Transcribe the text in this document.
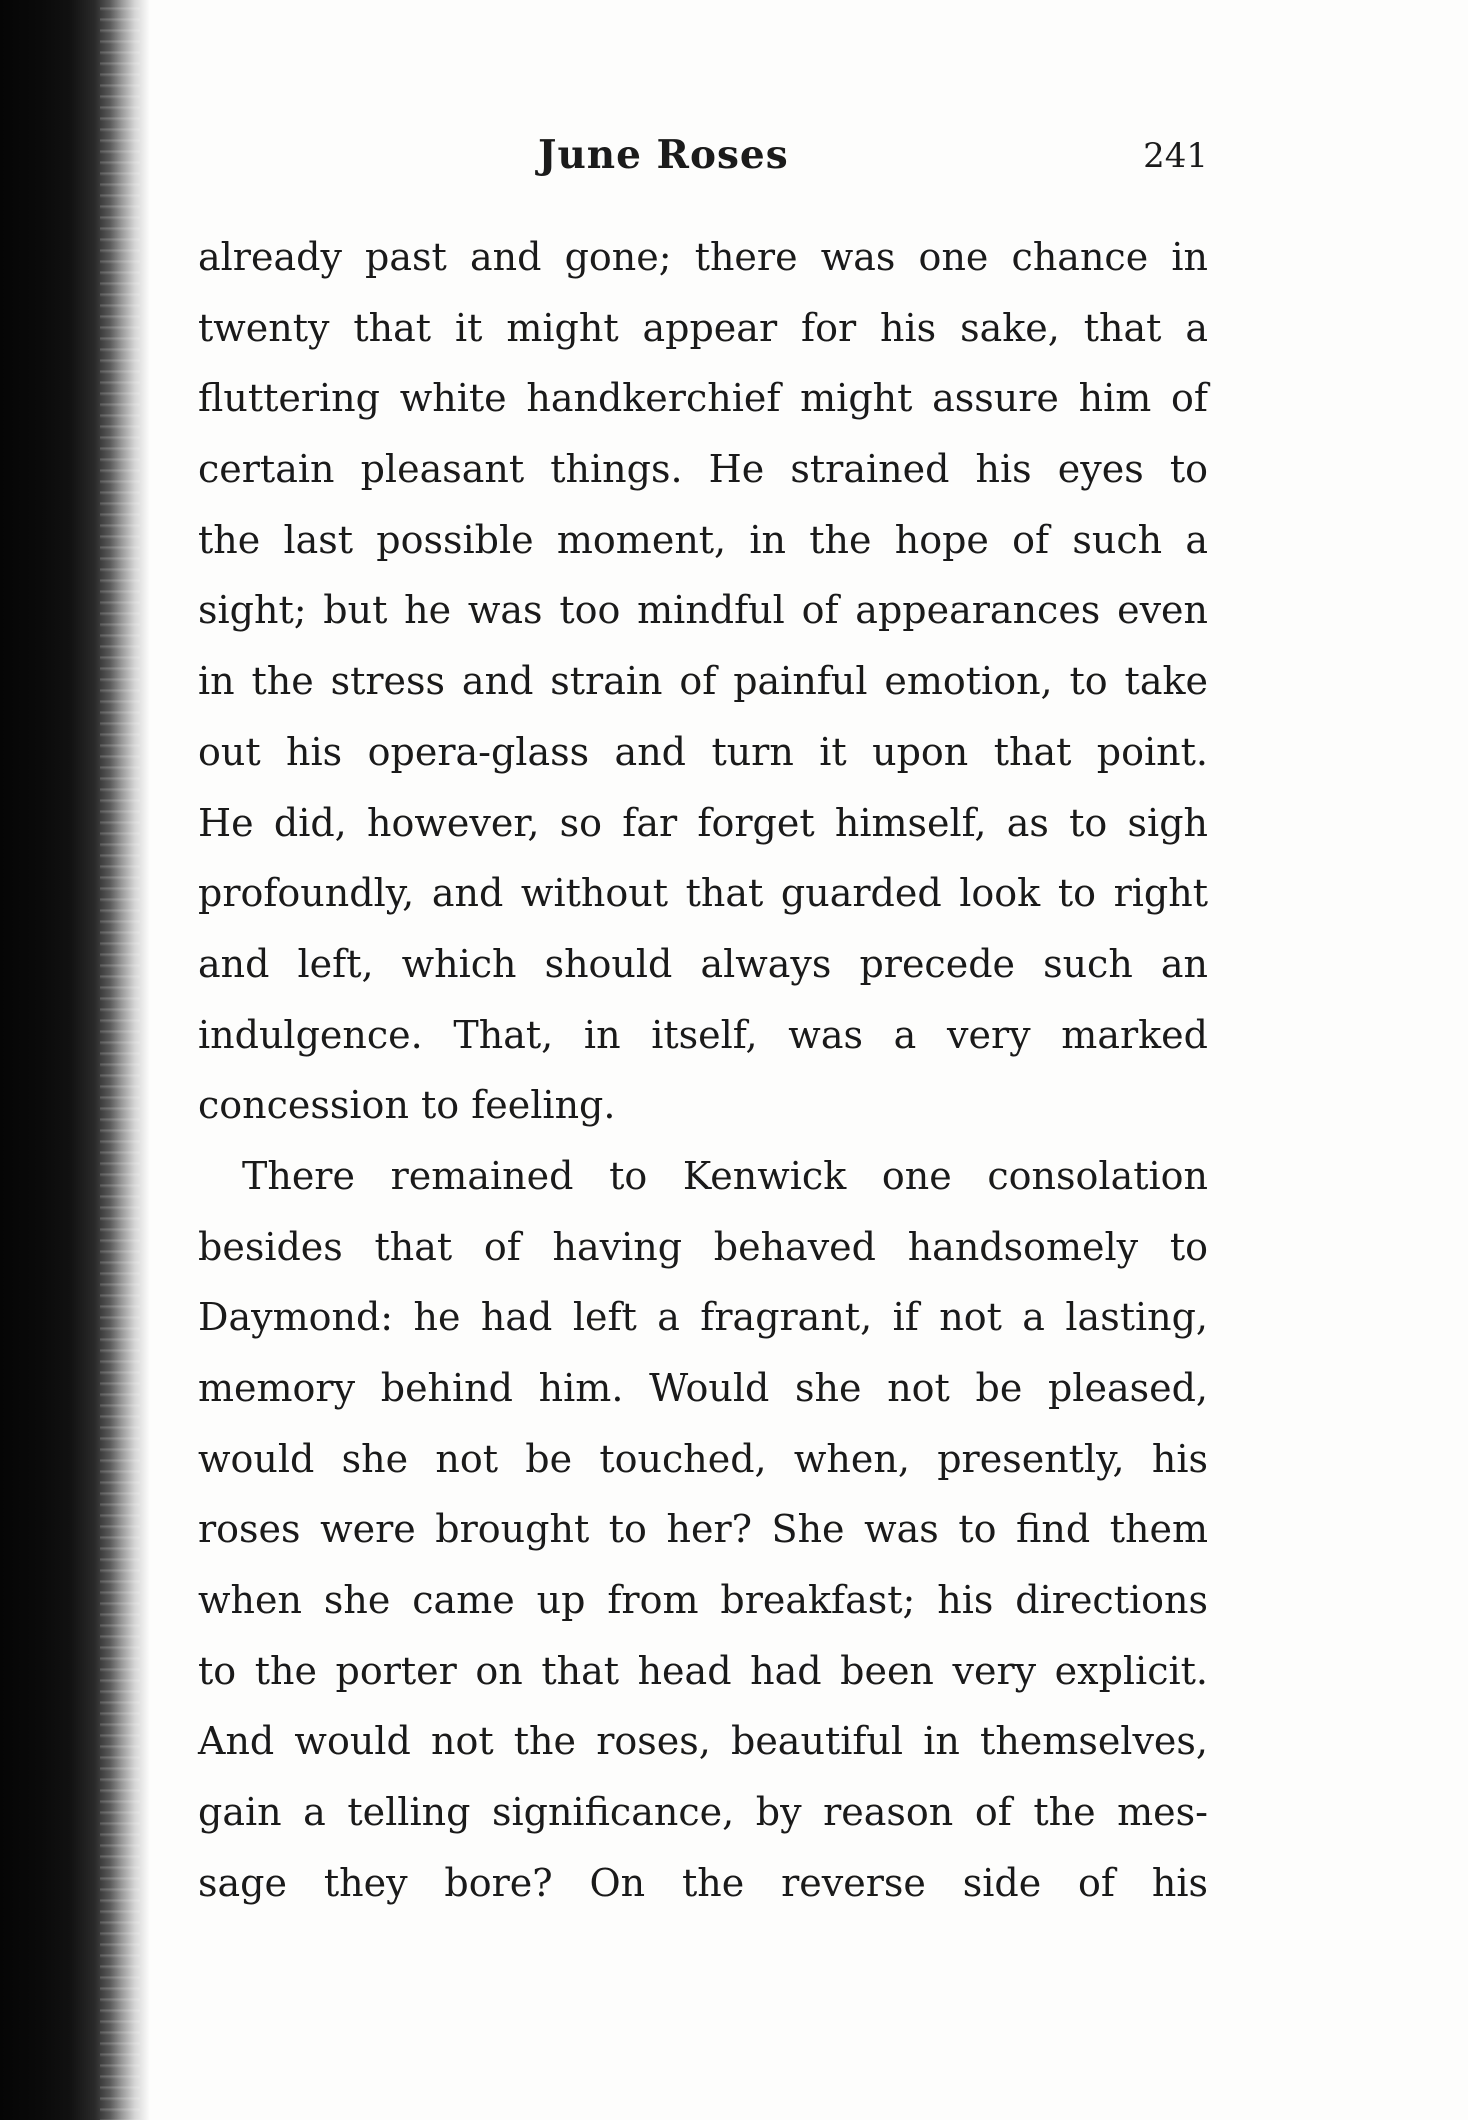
June Roses	241
already past and gone; there was one chance in
twenty that it might appear for his sake, that a
fluttering white handkerchief might assure him of
certain pleasant things. He strained his eyes to
the last possible moment, in the hope of such a
sight; but he was too mindful of appearances even
in the stress and strain of painful emotion, to take
out his opera-glass and turn it upon that point.
He did, however, so far forget himself, as to sigh
profoundly, and without that guarded look to right
and left, which should always precede such an
indulgence. That, in itself, was a very marked
concession to feeling.
There remained to Kenwick one consolation
besides that of having behaved handsomely to
Daymond: he had left a fragrant, if not a lasting,
memory behind him. Would she not be pleased,
would she not be touched, when, presently, his
roses were brought to her? She was to find them
when she came up from breakfast; his directions
to the porter on that head had been very explicit.
And would not the roses, beautiful in themselves,
gain a telling significance, by reason of the mes-
sage they bore? On the reverse side of his
